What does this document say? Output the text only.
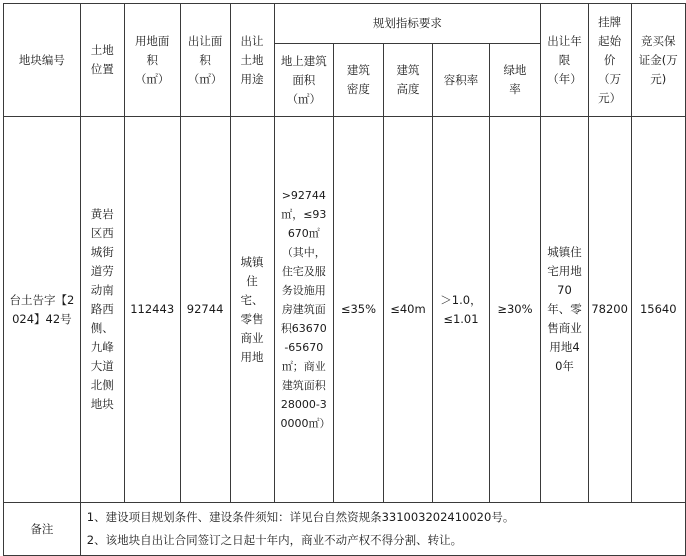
地块编号	土地位置	用地面积（㎡）	出让面积（㎡）	出让土地用途	规划指标要求					出让年限（年）	挂牌起始价（万元）	竞买保证金(万元)
					地上建筑面积（㎡）	建筑密度	建筑高度	容积率	绿地率			
台土告字【2024】42号	黄岩区西城街道劳动南路西侧、九峰大道北侧地块	112443	92744	城镇住宅、零售商业用地	>92744㎡，≤93670㎡（其中，住宅及服务设施用房建筑面积63670-65670㎡；商业建筑面积28000-30000㎡）	≤35%	≤40m	＞1.0，≤1.01	≥30%	城镇住宅用地70年、零售商业用地40年	78200	15640
备注	1、建设项目规划条件、建设条件须知：详见台自然资规条331003202410020号。
2、该地块自出让合同签订之日起十年内，商业不动产权不得分割、转让。											
